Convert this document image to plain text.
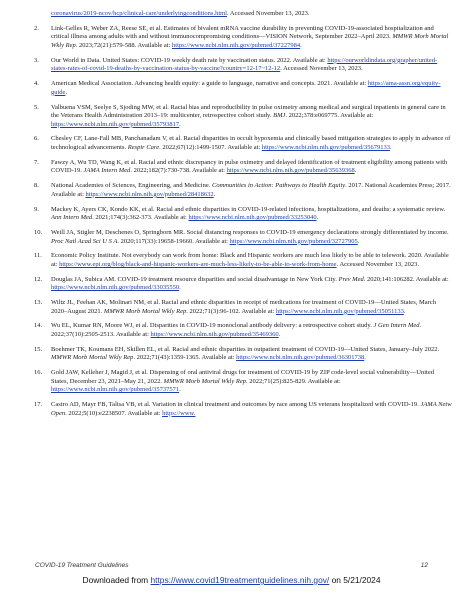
coronavirus/2019-ncov/hcp/clinical-care/underlyingconditions.html. Accessed November 13, 2023.
2.	Link-Gelles R, Weber ZA, Reese SE, et al. Estimates of bivalent mRNA vaccine durability in preventing COVID-19-associated hospitalization and critical illness among adults with and without immunocompromising conditions—VISION Network, September 2022–April 2023. MMWR Morb Mortal Wkly Rep. 2023;72(21):579-588. Available at: https://www.ncbi.nlm.nih.gov/pubmed/37227984.
3.	Our World in Data. United States: COVID-19 weekly death rate by vaccination status. 2022. Available at: https://ourworldindata.org/grapher/united-states-rates-of-covid-19-deaths-by-vaccination-status-by-vaccine?country=12-17~12-12. Accessed November 13, 2023.
4.	American Medical Association. Advancing health equity: a guide to language, narrative and concepts. 2021. Available at: https://ama-assn.org/equity-guide.
5.	Valbuena VSM, Seelye S, Sjoding MW, et al. Racial bias and reproducibility in pulse oximetry among medical and surgical inpatients in general care in the Veterans Health Administration 2013–19: multicenter, retrospective cohort study. BMJ. 2022;378:e069775. Available at: https://www.ncbi.nlm.nih.gov/pubmed/35793817.
6.	Chesley CF, Lane-Fall MB, Panchanadam V, et al. Racial disparities in occult hypoxemia and clinically based mitigation strategies to apply in advance of technological advancements. Respir Care. 2022;67(12):1499-1507. Available at: https://www.ncbi.nlm.nih.gov/pubmed/35679133.
7.	Fawzy A, Wu TD, Wang K, et al. Racial and ethnic discrepancy in pulse oximetry and delayed identification of treatment eligibility among patients with COVID-19. JAMA Intern Med. 2022;182(7):730-738. Available at: https://www.ncbi.nlm.nih.gov/pubmed/35639368.
8.	National Academies of Sciences, Engineering, and Medicine. Communities in Action: Pathways to Health Equity. 2017. National Academies Press; 2017. Available at: https://www.ncbi.nlm.nih.gov/pubmed/28418632.
9.	Mackey K, Ayers CK, Kondo KK, et al. Racial and ethnic disparities in COVID-19-related infections, hospitalizations, and deaths: a systematic review. Ann Intern Med. 2021;174(3):362-373. Available at: https://www.ncbi.nlm.nih.gov/pubmed/33253040.
10.	Weill JA, Stigler M, Deschenes O, Springborn MR. Social distancing responses to COVID-19 emergency declarations strongly differentiated by income. Proc Natl Acad Sci U S A. 2020;117(33):19658-19660. Available at: https://www.ncbi.nlm.nih.gov/pubmed/32727905.
11.	Economic Policy Institute. Not everybody can work from home: Black and Hispanic workers are much less likely to be able to telework. 2020. Available at: https://www.epi.org/blog/black-and-hispanic-workers-are-much-less-likely-to-be-able-to-work-from-home. Accessed November 13, 2023.
12.	Douglas JA, Subica AM. COVID-19 treatment resource disparities and social disadvantage in New York City. Prev Med. 2020;141:106282. Available at: https://www.ncbi.nlm.nih.gov/pubmed/33035550.
13.	Wiltz JL, Feehan AK, Molinari NM, et al. Racial and ethnic disparities in receipt of medications for treatment of COVID-19—United States, March 2020–August 2021. MMWR Morb Mortal Wkly Rep. 2022;71(3):96-102. Available at: https://www.ncbi.nlm.nih.gov/pubmed/35051133.
14.	Wu EL, Kumar RN, Moore WJ, et al. Disparities in COVID-19 monoclonal antibody delivery: a retrospective cohort study. J Gen Intern Med. 2022;37(10):2505-2513. Available at: https://www.ncbi.nlm.nih.gov/pubmed/35469360.
15.	Boehmer TK, Koumans EH, Skillen EL, et al. Racial and ethnic disparities in outpatient treatment of COVID-19—United States, January–July 2022. MMWR Morb Mortal Wkly Rep. 2022;71(43):1359-1365. Available at: https://www.ncbi.nlm.nih.gov/pubmed/36301738.
16.	Gold JAW, Kelleher J, Magid J, et al. Dispensing of oral antiviral drugs for treatment of COVID-19 by ZIP code-level social vulnerability—United States, December 23, 2021–May 21, 2022. MMWR Morb Mortal Wkly Rep. 2022;71(25):825-829. Available at: https://www.ncbi.nlm.nih.gov/pubmed/35737571.
17.	Castro AD, Mayr FB, Talisa VB, et al. Variation in clinical treatment and outcomes by race among US veterans hospitalized with COVID-19. JAMA Netw Open. 2022;5(10):e2238507. Available at: https://www.
COVID-19 Treatment Guidelines	12
Downloaded from https://www.covid19treatmentguidelines.nih.gov/ on 5/21/2024
